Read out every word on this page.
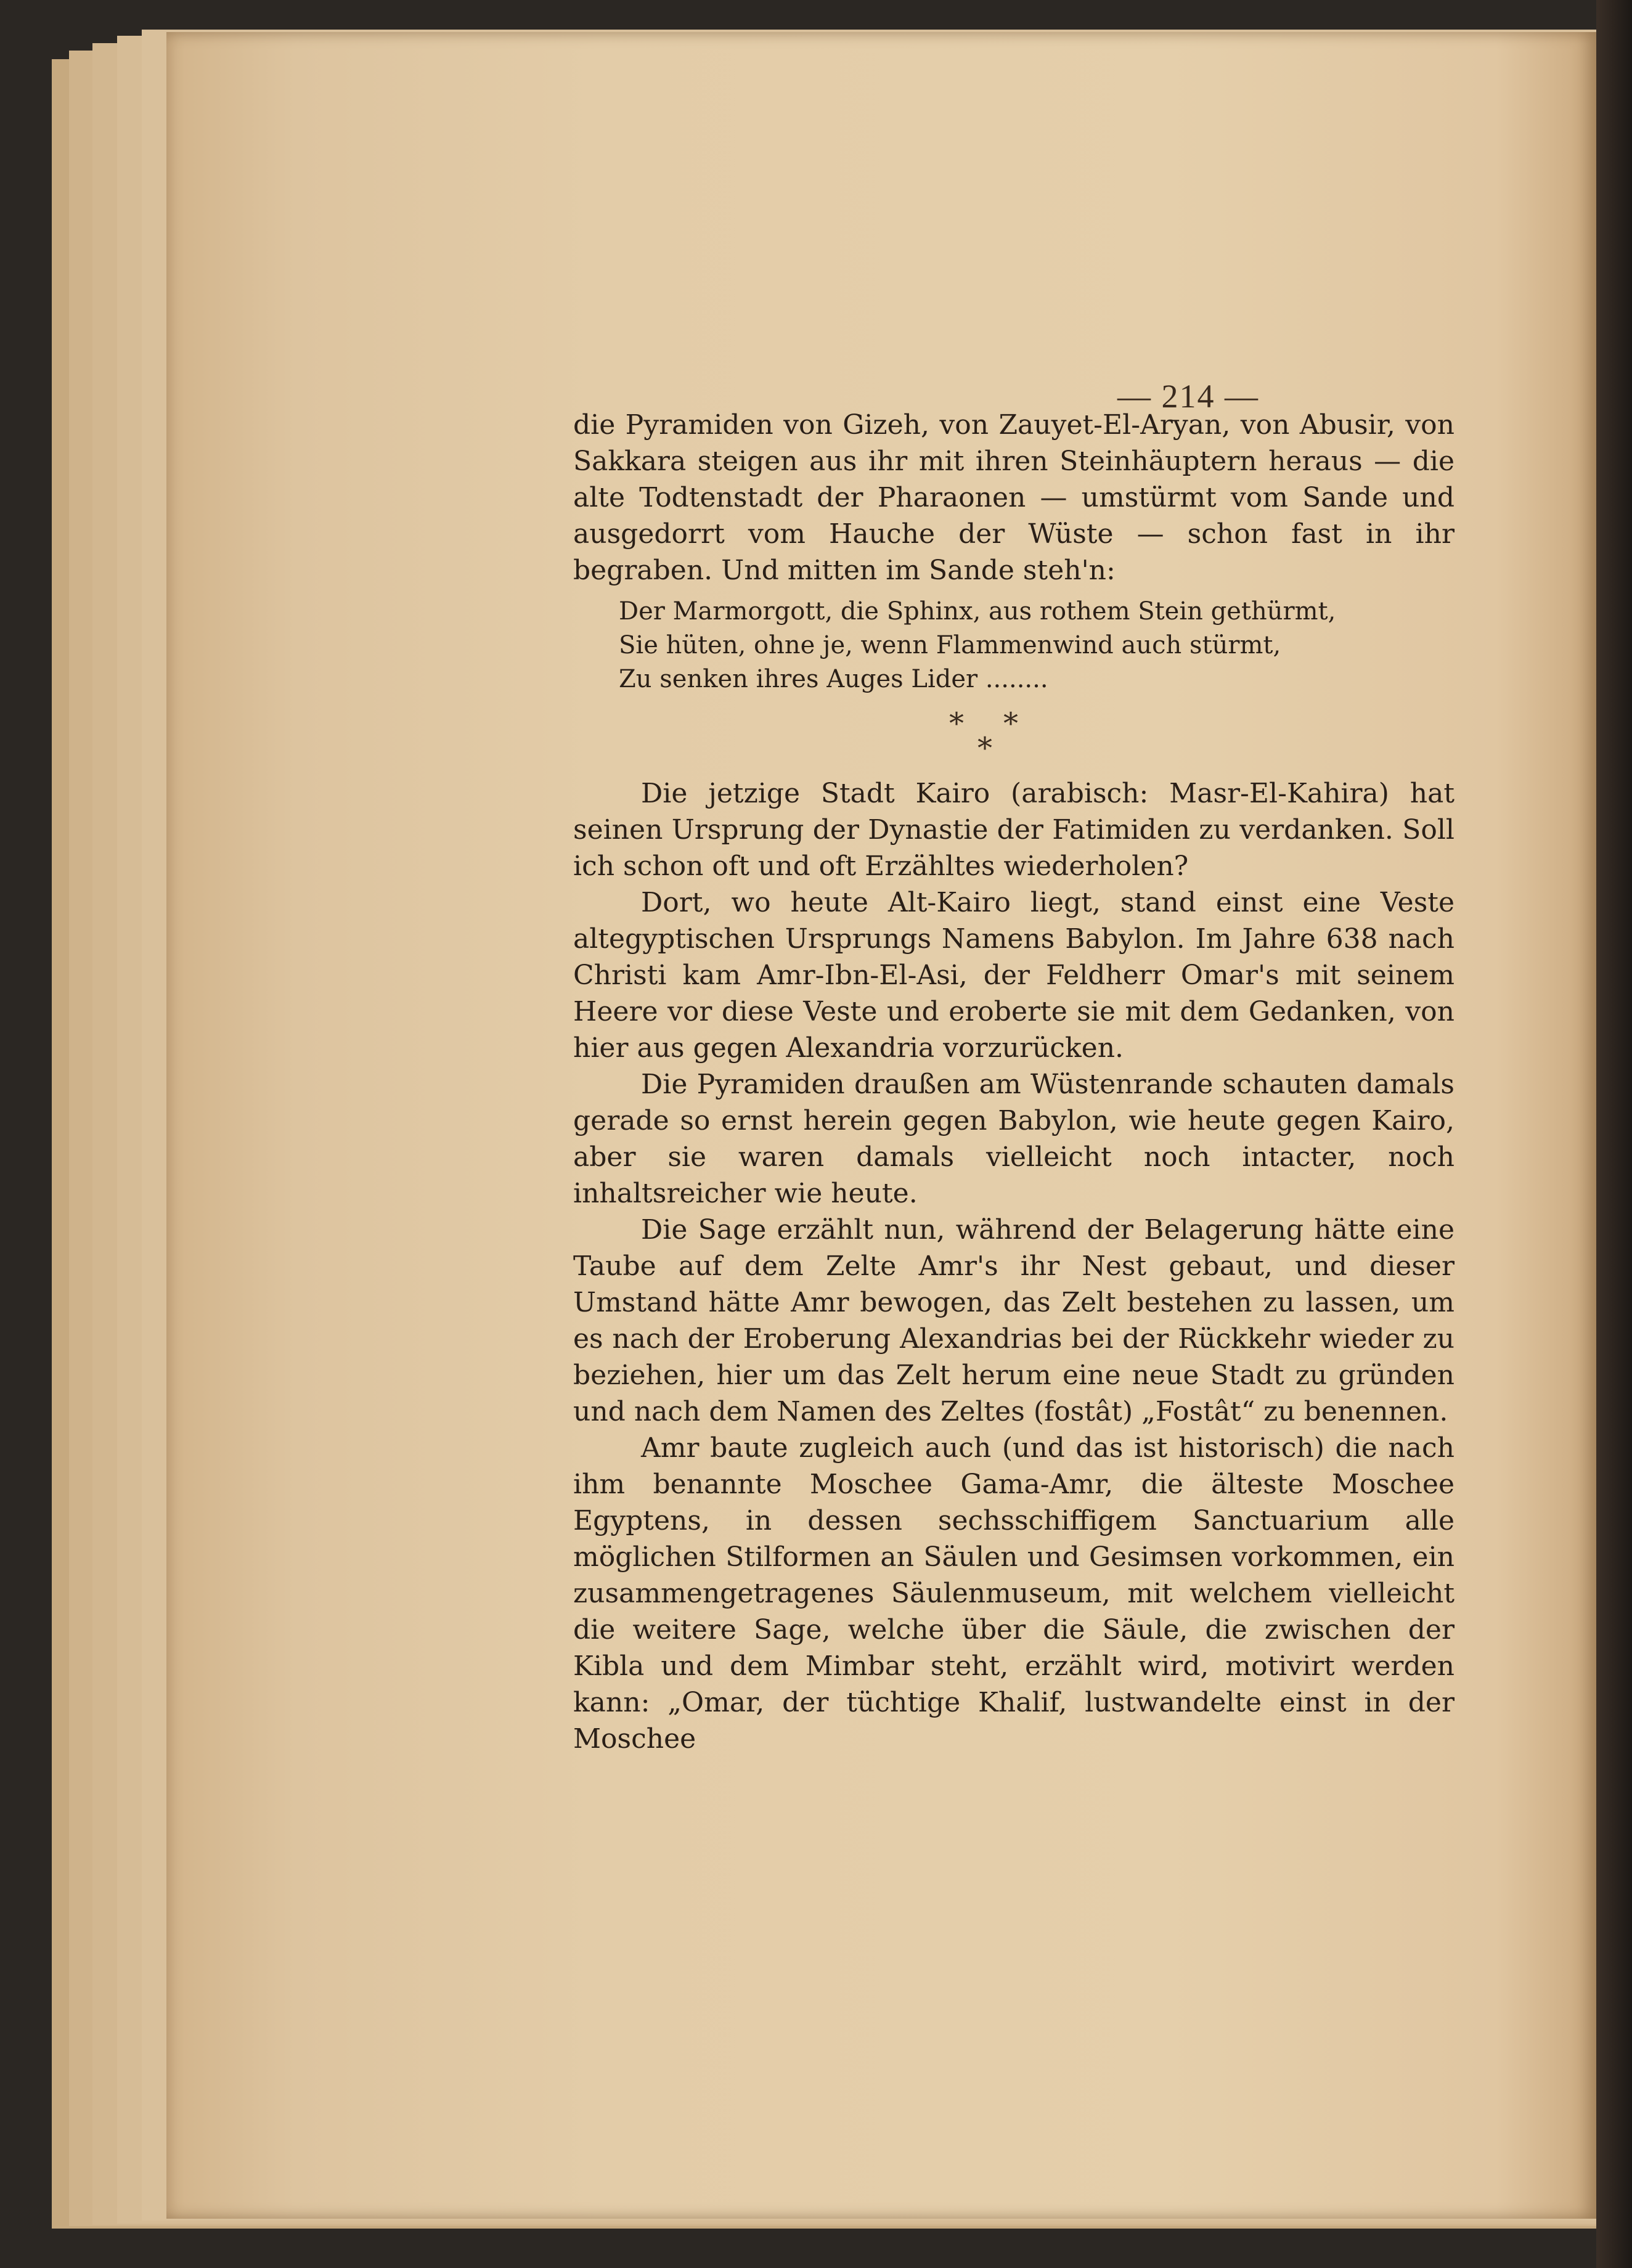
— 214 —

die Pyramiden von Gizeh, von Zauyet-El-Aryan, von Abusir, von Sakkara steigen aus ihr mit ihren Steinhäuptern heraus — die alte Todtenstadt der Pharaonen — umstürmt vom Sande und ausgedorrt vom Hauche der Wüste — schon fast in ihr begraben. Und mitten im Sande steh'n:

Der Marmorgott, die Sphinx, aus rothem Stein gethürmt,
Sie hüten, ohne je, wenn Flammenwind auch stürmt,
Zu senken ihres Auges Lider ........
* *
*

Die jetzige Stadt Kairo (arabisch: Masr-El-Kahira) hat seinen Ursprung der Dynastie der Fatimiden zu verdanken. Soll ich schon oft und oft Erzähltes wiederholen?

Dort, wo heute Alt-Kairo liegt, stand einst eine Veste altegyptischen Ursprungs Namens Babylon. Im Jahre 638 nach Christi kam Amr-Ibn-El-Asi, der Feldherr Omar's mit seinem Heere vor diese Veste und eroberte sie mit dem Gedanken, von hier aus gegen Alexandria vorzurücken.

Die Pyramiden draußen am Wüstenrande schauten damals gerade so ernst herein gegen Babylon, wie heute gegen Kairo, aber sie waren damals vielleicht noch intacter, noch inhaltsreicher wie heute.

Die Sage erzählt nun, während der Belagerung hätte eine Taube auf dem Zelte Amr's ihr Nest gebaut, und dieser Umstand hätte Amr bewogen, das Zelt bestehen zu lassen, um es nach der Eroberung Alexandrias bei der Rückkehr wieder zu beziehen, hier um das Zelt herum eine neue Stadt zu gründen und nach dem Namen des Zeltes (fostât) „Fostât“ zu benennen.

Amr baute zugleich auch (und das ist historisch) die nach ihm benannte Moschee Gama-Amr, die älteste Moschee Egyptens, in dessen sechsschiffigem Sanctuarium alle möglichen Stilformen an Säulen und Gesimsen vorkommen, ein zusammengetragenes Säulenmuseum, mit welchem vielleicht die weitere Sage, welche über die Säule, die zwischen der Kibla und dem Mimbar steht, erzählt wird, motivirt werden kann: „Omar, der tüchtige Khalif, lustwandelte einst in der Moschee
